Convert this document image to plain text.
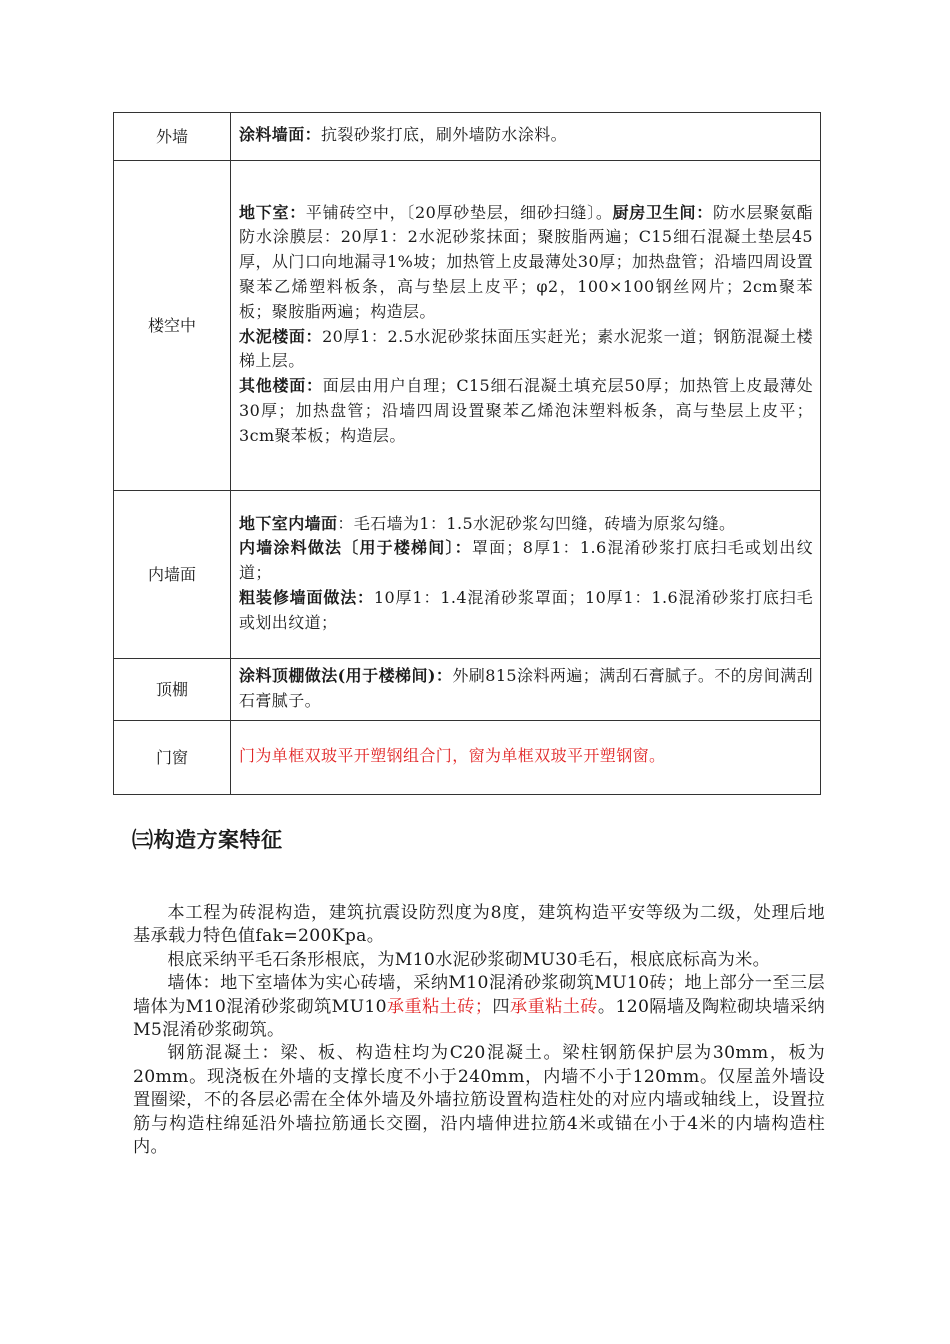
外墙	涂料墙面：抗裂砂浆打底，刷外墙防水涂料。
楼空中	地下室：平铺砖空中，〔20厚砂垫层，细砂扫缝〕。厨房卫生间：防水层聚氨酯防水涂膜层：20厚1：2水泥砂浆抹面；聚胺脂两遍；C15细石混凝土垫层45厚，从门口向地漏寻1%坡；加热管上皮最薄处30厚；加热盘管；沿墙四周设置聚苯乙烯塑料板条，高与垫层上皮平；φ2，100×100钢丝网片；2cm聚苯板；聚胺脂两遍；构造层。
水泥楼面：20厚1：2.5水泥砂浆抹面压实赶光；素水泥浆一道；钢筋混凝土楼梯上层。
其他楼面：面层由用户自理；C15细石混凝土填充层50厚；加热管上皮最薄处30厚；加热盘管；沿墙四周设置聚苯乙烯泡沫塑料板条，高与垫层上皮平；3cm聚苯板；构造层。
内墙面	地下室内墙面：毛石墙为1：1.5水泥砂浆勾凹缝，砖墙为原浆勾缝。
内墙涂料做法〔用于楼梯间〕：罩面；8厚1：1.6混淆砂浆打底扫毛或划出纹道；
粗装修墙面做法：10厚1：1.4混淆砂浆罩面；10厚1：1.6混淆砂浆打底扫毛或划出纹道；
顶棚	涂料顶棚做法(用于楼梯间)：外刷815涂料两遍；满刮石膏腻子。不的房间满刮石膏腻子。
门窗	门为单框双玻平开塑钢组合门，窗为单框双玻平开塑钢窗。
㈢构造方案特征

本工程为砖混构造，建筑抗震设防烈度为8度，建筑构造平安等级为二级，处理后地基承载力特色值fak=200Kpa。

根底采纳平毛石条形根底，为M10水泥砂浆砌MU30毛石，根底底标高为米。

墙体：地下室墙体为实心砖墙，采纳M10混淆砂浆砌筑MU10砖；地上部分一至三层墙体为M10混淆砂浆砌筑MU10承重粘土砖；四承重粘土砖。120隔墙及陶粒砌块墙采纳M5混淆砂浆砌筑。

钢筋混凝土：梁、板、构造柱均为C20混凝土。梁柱钢筋保护层为30mm，板为20mm。现浇板在外墙的支撑长度不小于240mm，内墙不小于120mm。仅屋盖外墙设置圈梁，不的各层必需在全体外墙及外墙拉筋设置构造柱处的对应内墙或轴线上，设置拉筋与构造柱绵延沿外墙拉筋通长交圈，沿内墙伸进拉筋4米或锚在小于4米的内墙构造柱内。
